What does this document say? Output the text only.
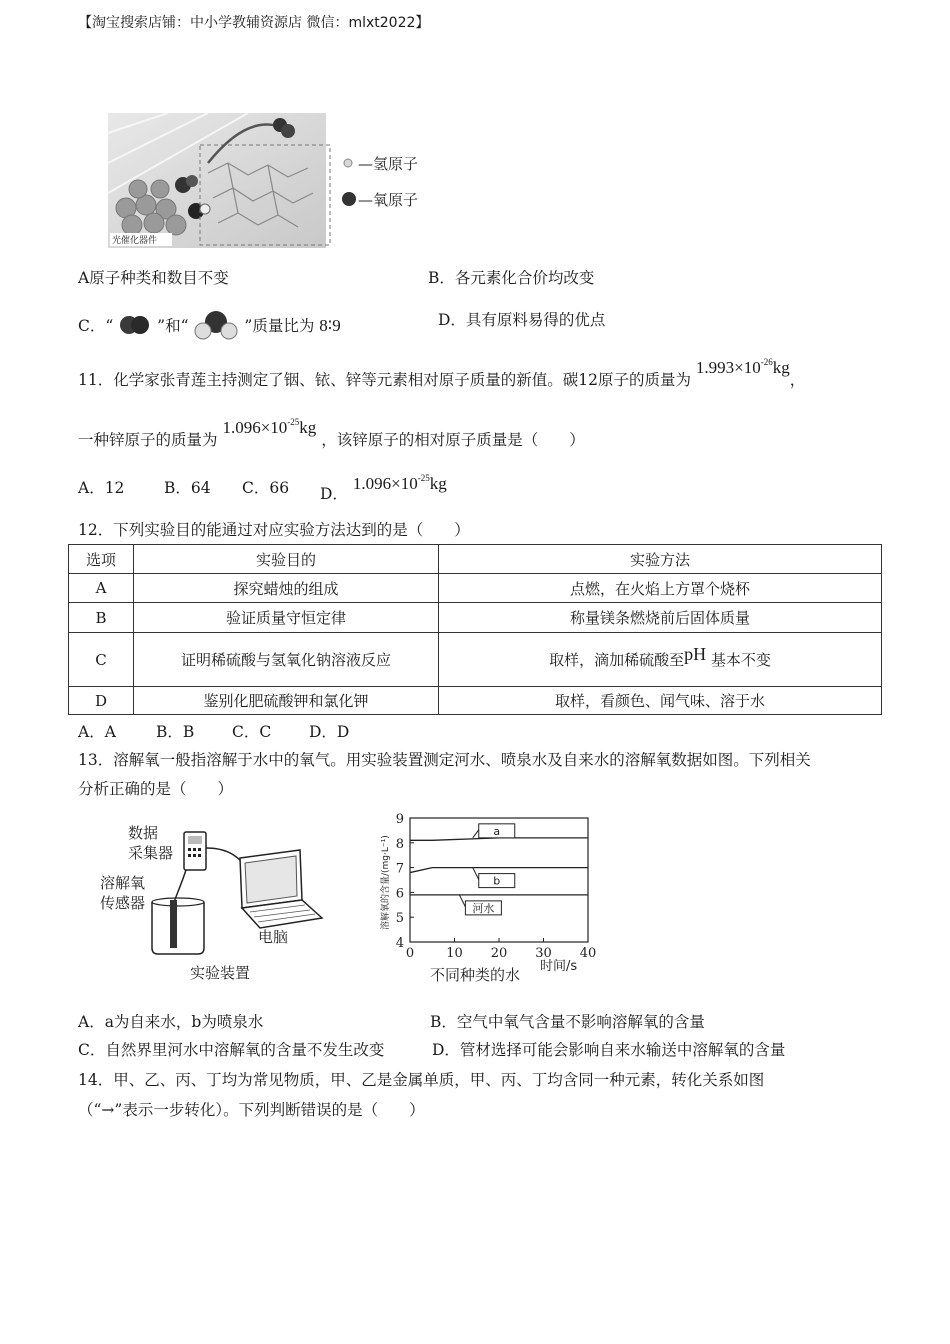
【淘宝搜索店铺：中小学教辅资源店 微信：mlxt2022】
光催化器件
—氢原子
—氧原子
A原子种类和数目不变	B．各元素化合价均改变
C．“	”和“	”质量比为 8∶9	D．具有原料易得的优点
11．化学家张青莲主持测定了铟、铱、锌等元素相对原子质量的新值。碳12原子的质量为 $1.993\times 10^{-26}kg$，
一种锌原子的质量为 $1.096\times 10^{-25}kg$ ，该锌原子的相对原子质量是（　　）
A．12	B．64 C．66 D． $1.096\times 10^{-25}kg$
12．下列实验目的能通过对应实验方法达到的是（　　）
选项	实验目的	实验方法
A	探究蜡烛的组成	点燃，在火焰上方罩个烧杯
B	验证质量守恒定律	称量镁条燃烧前后固体质量
C	证明稀硫酸与氢氧化钠溶液反应	取样，滴加稀硫酸至pH 基本不变
D	鉴别化肥硫酸钾和氯化钾	取样，看颜色、闻气味、溶于水
A．A	B．B C．C D．D
13．溶解氧一般指溶解于水中的氧气。用实验装置测定河水、喷泉水及自来水的溶解氧数据如图。下列相关
分析正确的是（　　）
数据
采集器
溶解氧
传感器
电脑
实验装置
4
5
6
7
8
9
0 10 20 30 40
时间/s
溶解氧的含量/(mg·L⁻¹)
a
b
河水
不同种类的水
A．a为自来水，b为喷泉水	B．空气中氧气含量不影响溶解氧的含量
C．自然界里河水中溶解氧的含量不发生改变	D．管材选择可能会影响自来水输送中溶解氧的含量
14．甲、乙、丙、丁均为常见物质，甲、乙是金属单质，甲、丙、丁均含同一种元素，转化关系如图
（“→”表示一步转化）。下列判断错误的是（　　）
